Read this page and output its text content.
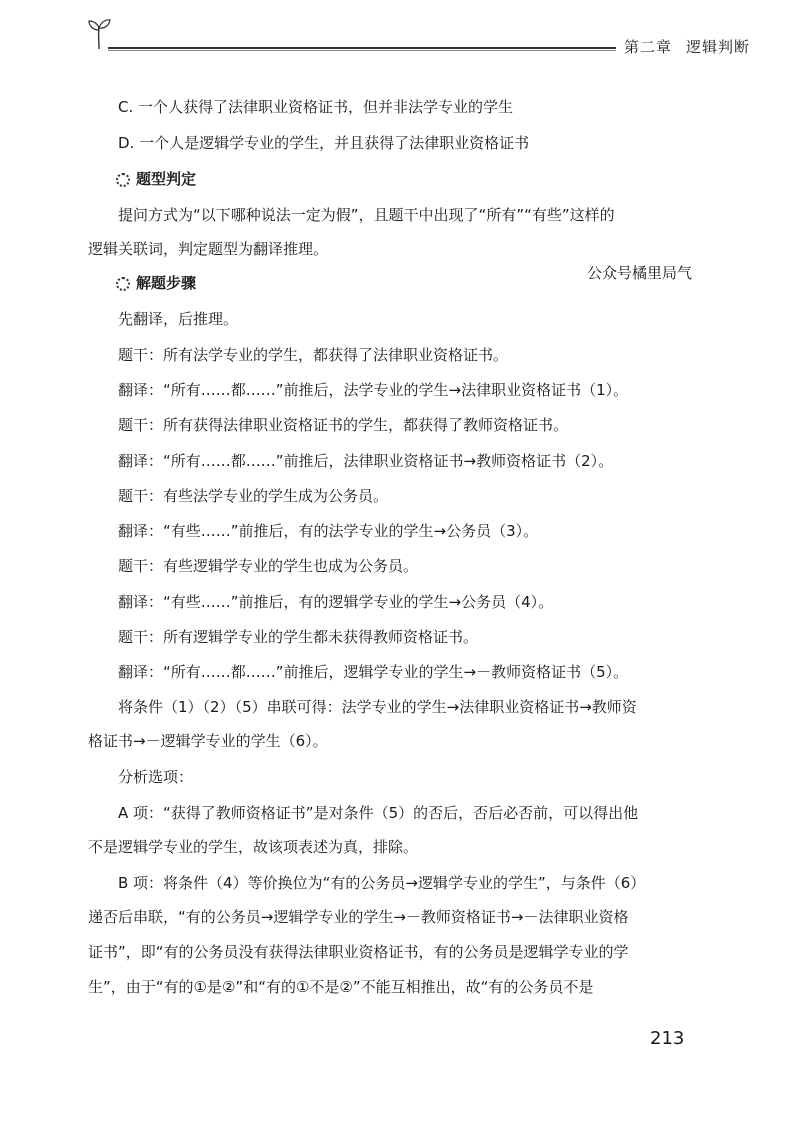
第二章 逻辑判断
C. 一个人获得了法律职业资格证书，但并非法学专业的学生
D. 一个人是逻辑学专业的学生，并且获得了法律职业资格证书
题型判定
提问方式为“以下哪种说法一定为假”，且题干中出现了“所有”“有些”这样的
逻辑关联词，判定题型为翻译推理。
公众号橘里局气
解题步骤
先翻译，后推理。
题干：所有法学专业的学生，都获得了法律职业资格证书。
翻译：“所有……都……”前推后，法学专业的学生→法律职业资格证书（1）。
题干：所有获得法律职业资格证书的学生，都获得了教师资格证书。
翻译：“所有……都……”前推后，法律职业资格证书→教师资格证书（2）。
题干：有些法学专业的学生成为公务员。
翻译：“有些……”前推后，有的法学专业的学生→公务员（3）。
题干：有些逻辑学专业的学生也成为公务员。
翻译：“有些……”前推后，有的逻辑学专业的学生→公务员（4）。
题干：所有逻辑学专业的学生都未获得教师资格证书。
翻译：“所有……都……”前推后，逻辑学专业的学生→－教师资格证书（5）。
将条件（1）（2）（5）串联可得：法学专业的学生→法律职业资格证书→教师资
格证书→－逻辑学专业的学生（6）。
分析选项：
A 项：“获得了教师资格证书”是对条件（5）的否后，否后必否前，可以得出他
不是逻辑学专业的学生，故该项表述为真，排除。
B 项：将条件（4）等价换位为“有的公务员→逻辑学专业的学生”，与条件（6）
递否后串联，“有的公务员→逻辑学专业的学生→－教师资格证书→－法律职业资格
证书”，即“有的公务员没有获得法律职业资格证书，有的公务员是逻辑学专业的学
生”，由于“有的①是②”和“有的①不是②”不能互相推出，故“有的公务员不是
213
